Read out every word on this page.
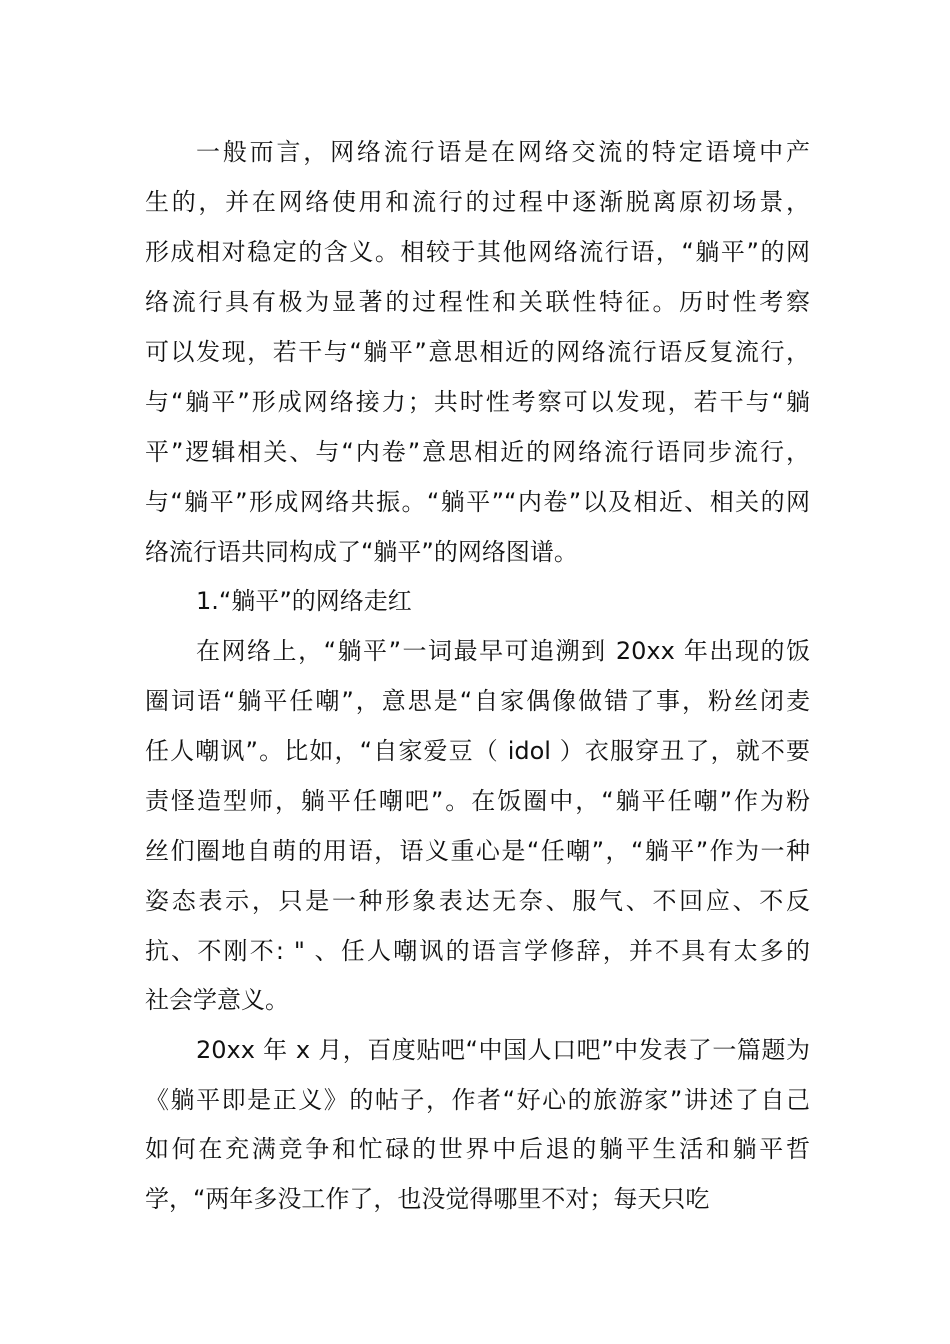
一般而言，网络流行语是在网络交流的特定语境中产
生的，并在网络使用和流行的过程中逐渐脱离原初场景，
形成相对稳定的含义。相较于其他网络流行语，“躺平”的网
络流行具有极为显著的过程性和关联性特征。历时性考察
可以发现，若干与“躺平”意思相近的网络流行语反复流行，
与“躺平”形成网络接力；共时性考察可以发现，若干与“躺
平”逻辑相关、与“内卷”意思相近的网络流行语同步流行，
与“躺平”形成网络共振。“躺平”“内卷”以及相近、相关的网
络流行语共同构成了“躺平”的网络图谱。
1.“躺平”的网络走红
在网络上，“躺平”一词最早可追溯到 20xx 年出现的饭
圈词语“躺平任嘲”，意思是“自家偶像做错了事，粉丝闭麦
任人嘲讽”。比如，“自家爱豆（ idol ）衣服穿丑了，就不要
责怪造型师，躺平任嘲吧”。在饭圈中，“躺平任嘲”作为粉
丝们圈地自萌的用语，语义重心是“任嘲”，“躺平”作为一种
姿态表示，只是一种形象表达无奈、服气、不回应、不反
抗、不刚不: " 、任人嘲讽的语言学修辞，并不具有太多的
社会学意义。
20xx 年 x 月，百度贴吧“中国人口吧”中发表了一篇题为
《躺平即是正义》的帖子，作者“好心的旅游家”讲述了自己
如何在充满竞争和忙碌的世界中后退的躺平生活和躺平哲
学，“两年多没工作了，也没觉得哪里不对；每天只吃
